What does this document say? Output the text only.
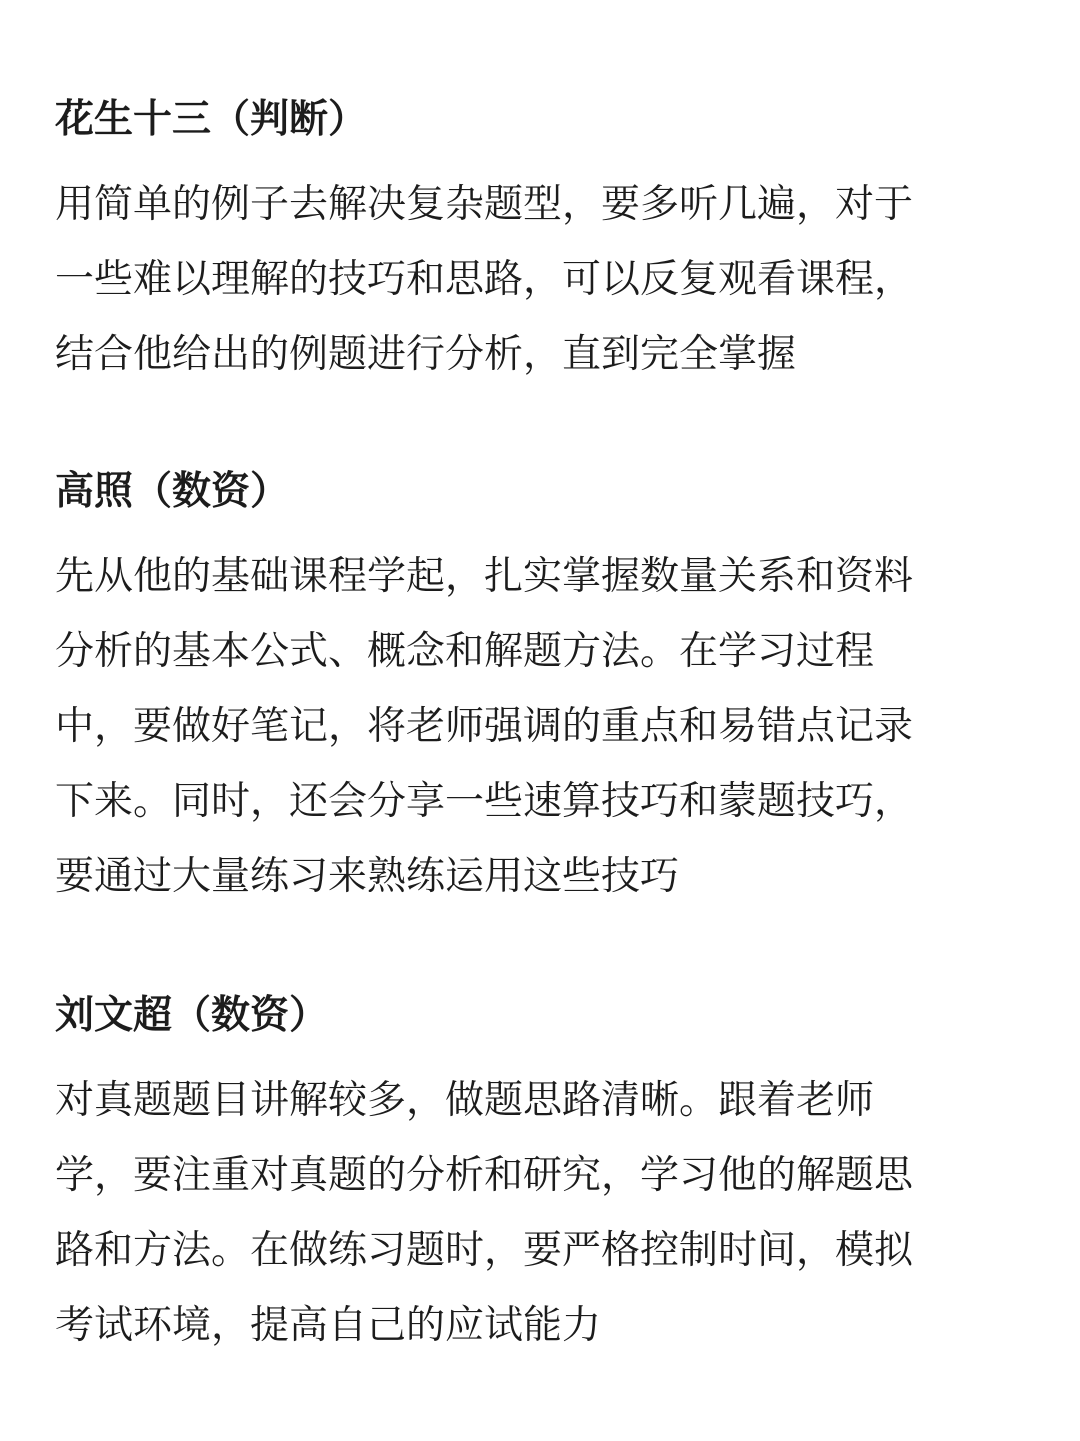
花生十三（判断）

用简单的例子去解决复杂题型，要多听几遍，对于
一些难以理解的技巧和思路，可以反复观看课程，
结合他给出的例题进行分析，直到完全掌握

高照（数资）

先从他的基础课程学起，扎实掌握数量关系和资料
分析的基本公式、概念和解题方法。在学习过程
中，要做好笔记，将老师强调的重点和易错点记录
下来。同时，还会分享一些速算技巧和蒙题技巧，
要通过大量练习来熟练运用这些技巧

刘文超（数资）

对真题题目讲解较多，做题思路清晰。跟着老师
学，要注重对真题的分析和研究，学习他的解题思
路和方法。在做练习题时，要严格控制时间，模拟
考试环境，提高自己的应试能力
